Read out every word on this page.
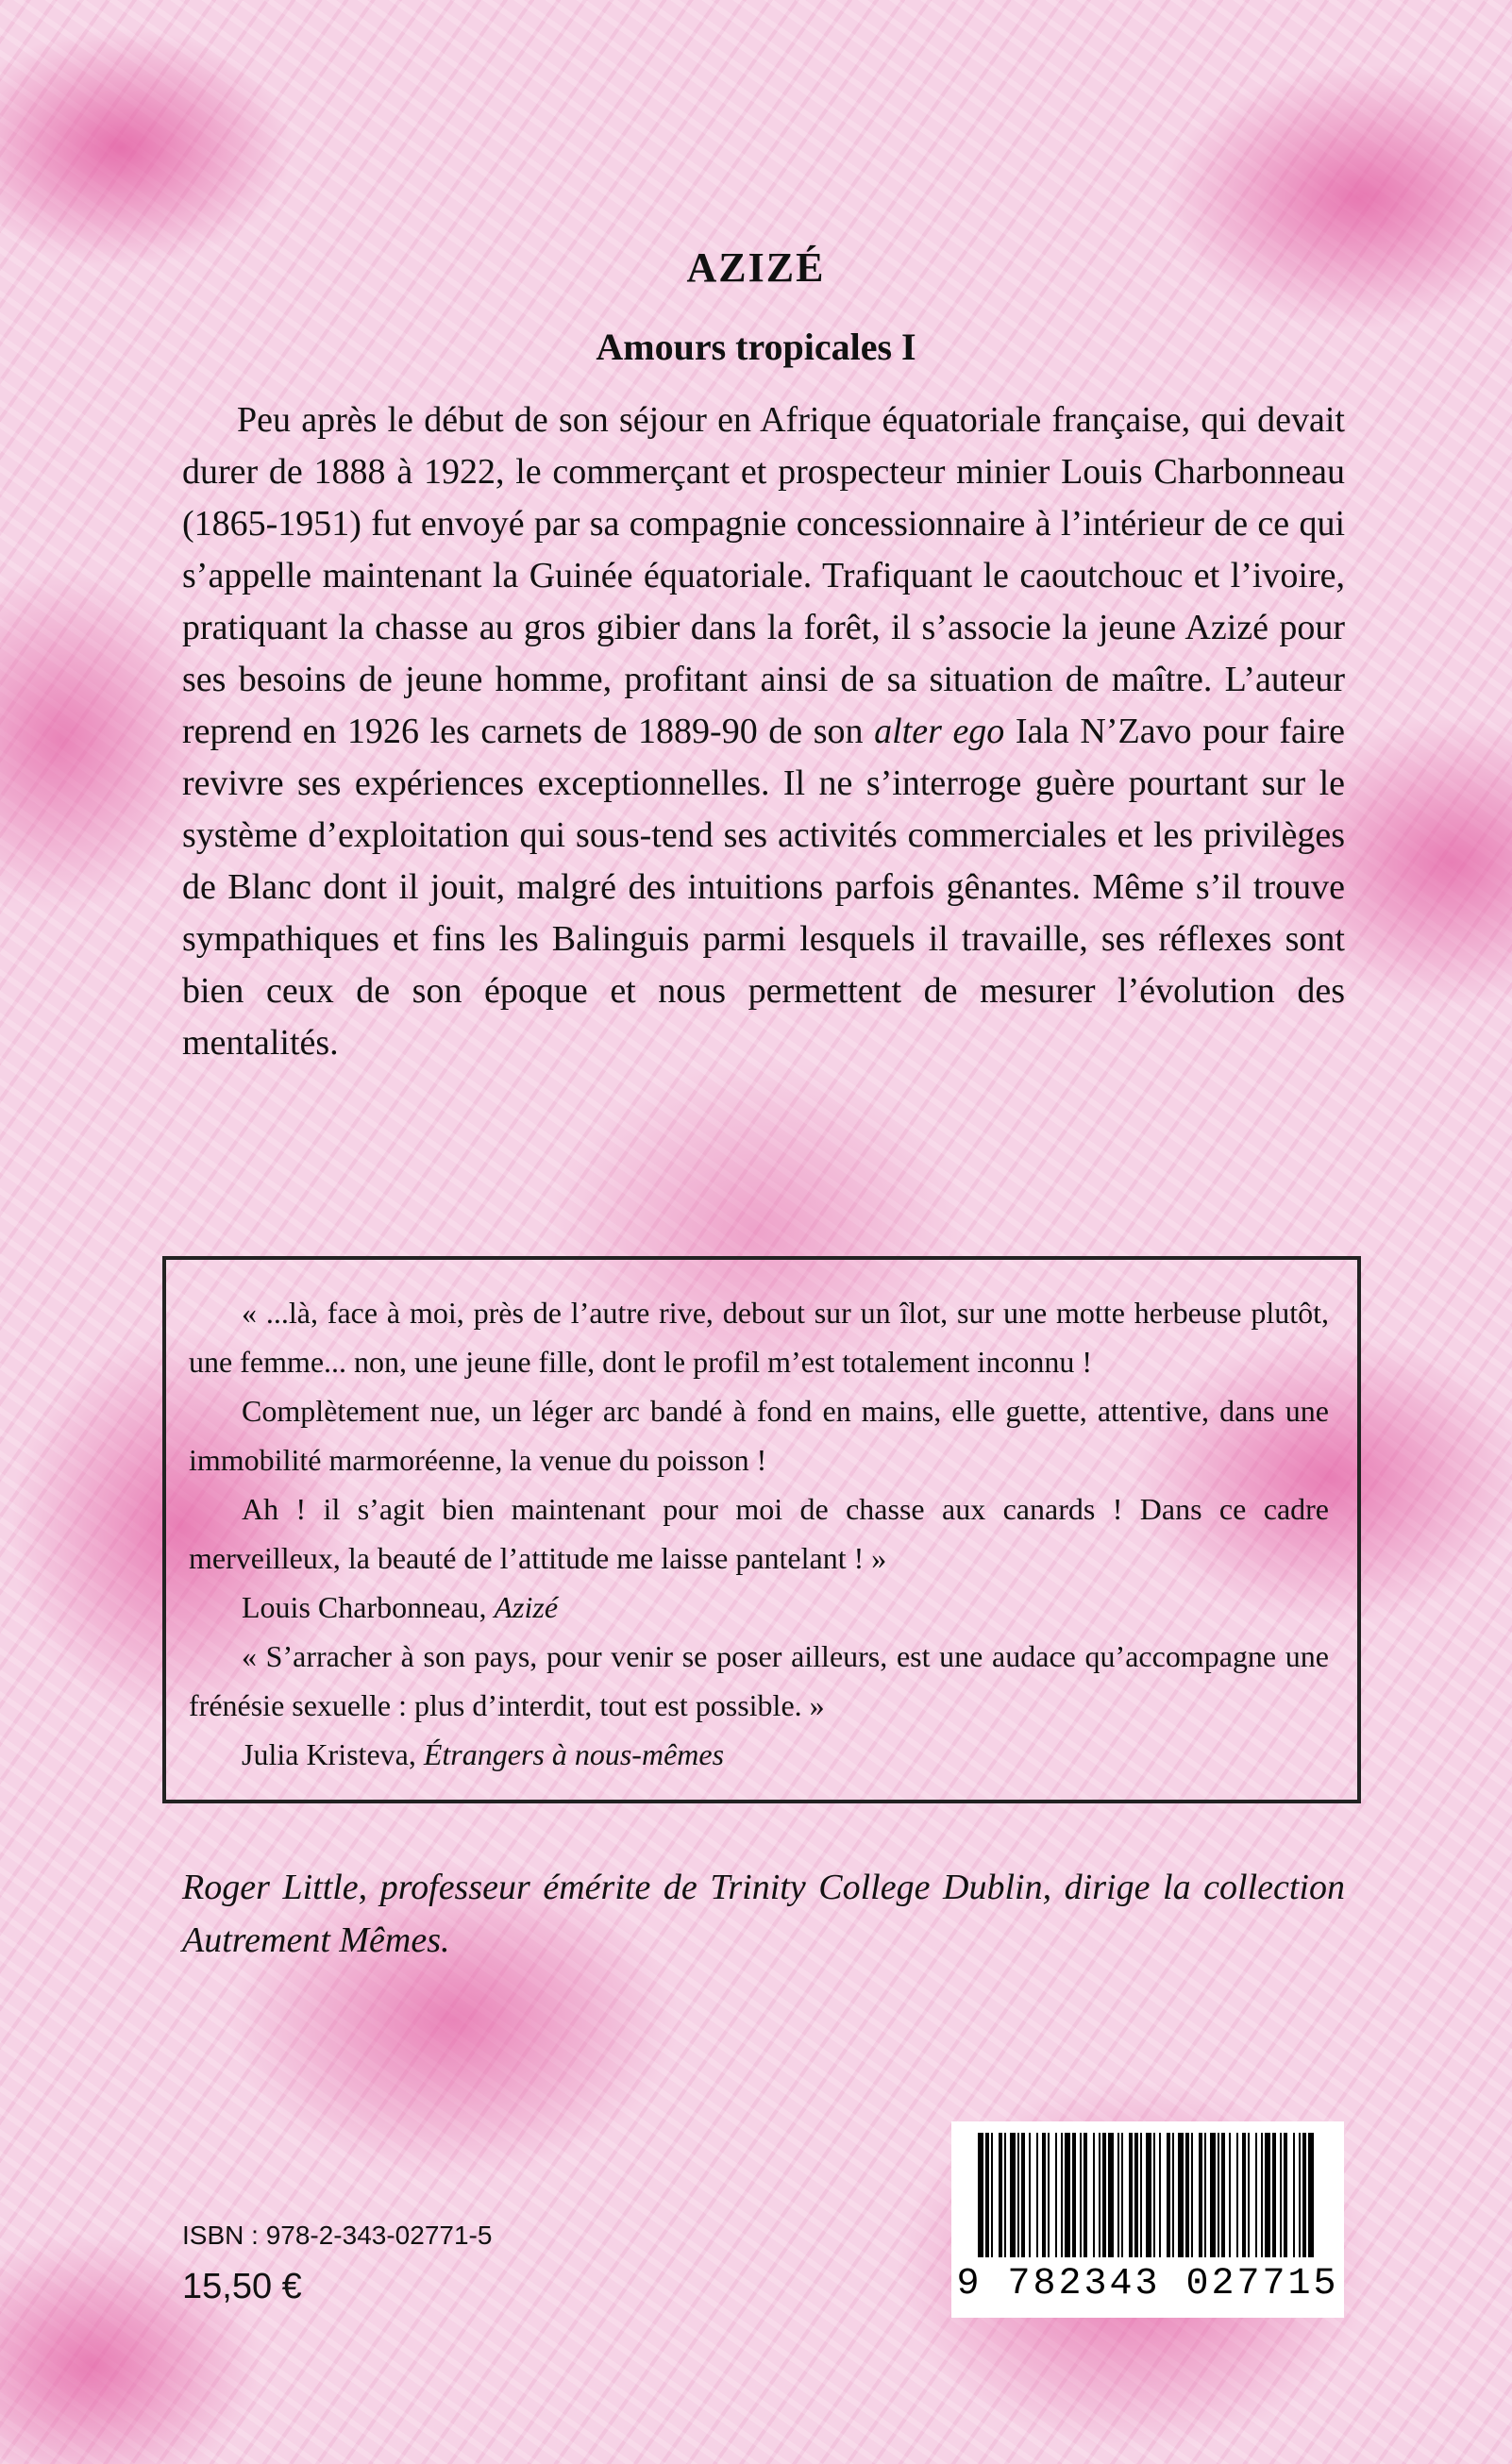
AZIZÉ
Amours tropicales I

Peu après le début de son séjour en Afrique équatoriale française, qui devait durer de 1888 à 1922, le commerçant et prospecteur minier Louis Charbonneau (1865-1951) fut envoyé par sa compagnie concessionnaire à l’intérieur de ce qui s’appelle maintenant la Guinée équatoriale. Trafiquant le caoutchouc et l’ivoire, pratiquant la chasse au gros gibier dans la forêt, il s’associe la jeune Azizé pour ses besoins de jeune homme, profitant ainsi de sa situation de maître. L’auteur reprend en 1926 les carnets de 1889-90 de son alter ego Iala N’Zavo pour faire revivre ses expériences exceptionnelles. Il ne s’interroge guère pourtant sur le système d’exploitation qui sous-tend ses activités commerciales et les privilèges de Blanc dont il jouit, malgré des intuitions parfois gênantes. Même s’il trouve sympathiques et fins les Balinguis parmi lesquels il travaille, ses réflexes sont bien ceux de son époque et nous permettent de mesurer l’évolution des mentalités.

« ...là, face à moi, près de l’autre rive, debout sur un îlot, sur une motte herbeuse plutôt, une femme... non, une jeune fille, dont le profil m’est totalement inconnu !

Complètement nue, un léger arc bandé à fond en mains, elle guette, attentive, dans une immobilité marmoréenne, la venue du poisson !

Ah ! il s’agit bien maintenant pour moi de chasse aux canards ! Dans ce cadre merveilleux, la beauté de l’attitude me laisse pantelant ! »

Louis Charbonneau, Azizé

« S’arracher à son pays, pour venir se poser ailleurs, est une audace qu’accompagne une frénésie sexuelle : plus d’interdit, tout est possible. »

Julia Kristeva, Étrangers à nous-mêmes

Roger Little, professeur émérite de Trinity College Dublin, dirige la collection Autrement Mêmes.

ISBN : 978-2-343-02771-5
15,50 €	9 782343 027715
